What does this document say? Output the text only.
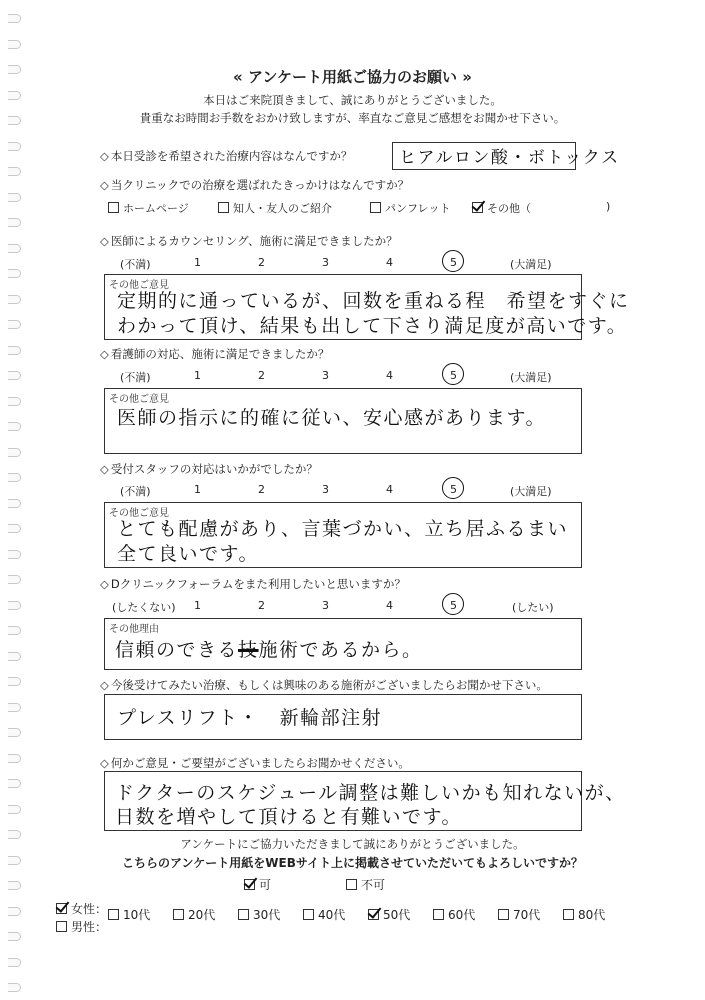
« アンケート用紙ご協力のお願い »
本日はご来院頂きまして、誠にありがとうございました。
貴重なお時間お手数をおかけ致しますが、率直なご意見ご感想をお聞かせ下さい。
◇ 本日受診を希望された治療内容はなんですか？	ヒアルロン酸・ボトックス
◇ 当クリニックでの治療を選ばれたきっかけはなんですか？
ホームページ	知人・友人のご紹介	パンフレット	その他（	)
◇ 医師によるカウンセリング、施術に満足できましたか？
(不満)	1	2	3	4	5	(大満足)
その他ご意見
定期的に通っているが、回数を重ねる程　希望をすぐに
わかって頂け、結果も出して下さり満足度が高いです。
◇ 看護師の対応、施術に満足できましたか？
(不満)	1	2	3	4	5	(大満足)
その他ご意見
医師の指示に的確に従い、安心感があります。
◇ 受付スタッフの対応はいかがでしたか？
(不満)	1	2	3	4	5	(大満足)
その他ご意見
とても配慮があり、言葉づかい、立ち居ふるまい
全て良いです。
◇ Dクリニックフォーラムをまた利用したいと思いますか？
(したくない) 1	2	3	4	5	(したい)
その他理由
信頼のできる技施術であるから。
◇ 今後受けてみたい治療、もしくは興味のある施術がございましたらお聞かせ下さい。
プレスリフト・　新輪部注射
◇ 何かご意見・ご要望がございましたらお聞かせください。
ドクターのスケジュール調整は難しいかも知れないが、
日数を増やして頂けると有難いです。
アンケートにご協力いただきまして誠にありがとうございました。
こちらのアンケート用紙をWEBサイト上に掲載させていただいてもよろしいですか？
可	不可
女性：
男性：
10代	20代	30代	40代	50代	60代	70代	80代
